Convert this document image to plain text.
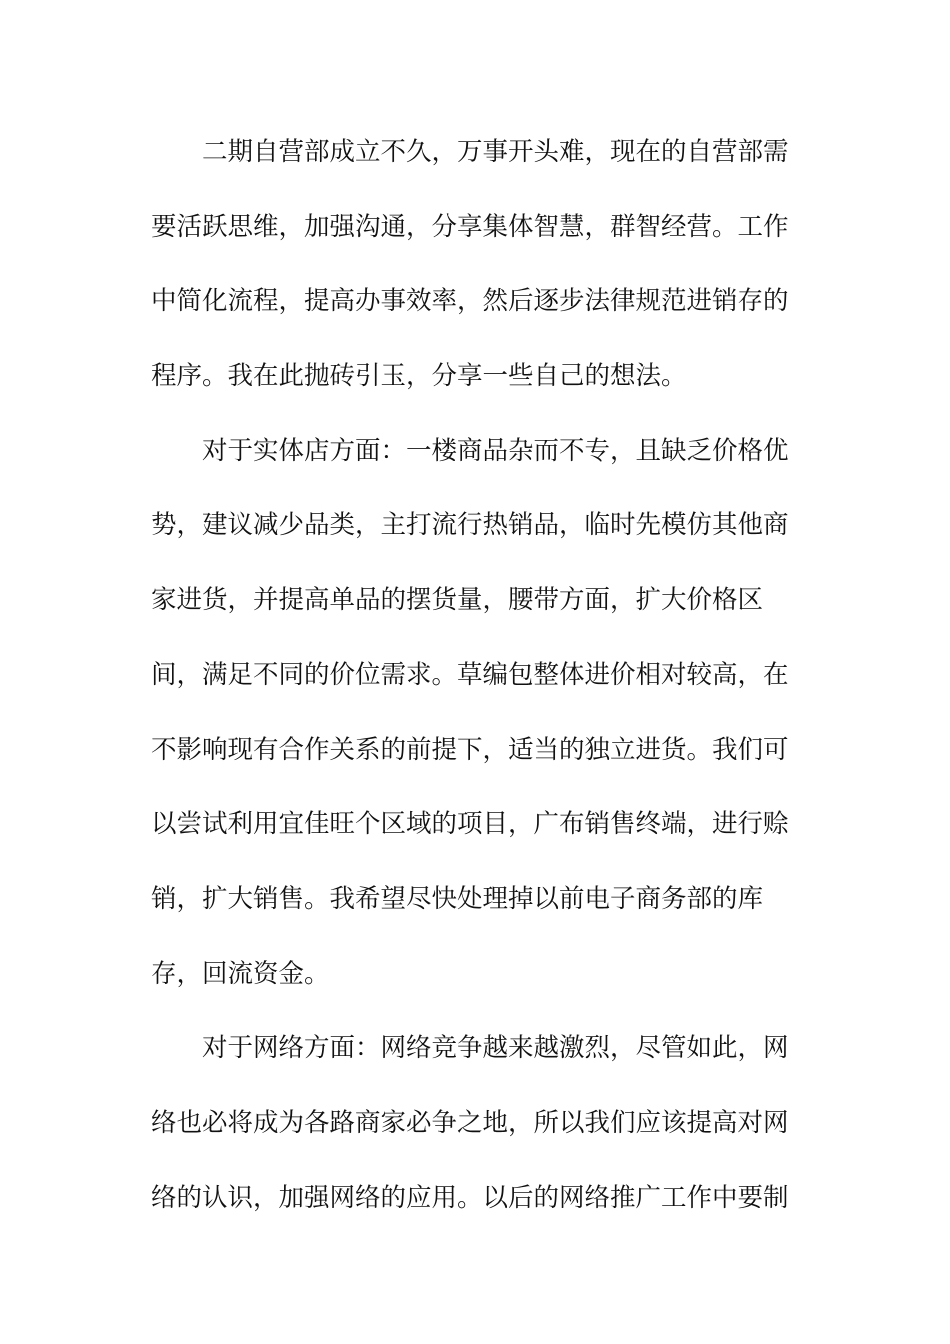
二期自营部成立不久，万事开头难，现在的自营部需
要活跃思维，加强沟通，分享集体智慧，群智经营。工作
中简化流程，提高办事效率，然后逐步法律规范进销存的
程序。我在此抛砖引玉，分享一些自己的想法。
对于实体店方面：一楼商品杂而不专，且缺乏价格优
势，建议减少品类，主打流行热销品，临时先模仿其他商
家进货，并提高单品的摆货量，腰带方面，扩大价格区
间，满足不同的价位需求。草编包整体进价相对较高，在
不影响现有合作关系的前提下，适当的独立进货。我们可
以尝试利用宜佳旺个区域的项目，广布销售终端，进行赊
销，扩大销售。我希望尽快处理掉以前电子商务部的库
存，回流资金。
对于网络方面：网络竞争越来越激烈，尽管如此，网
络也必将成为各路商家必争之地，所以我们应该提高对网
络的认识，加强网络的应用。以后的网络推广工作中要制
